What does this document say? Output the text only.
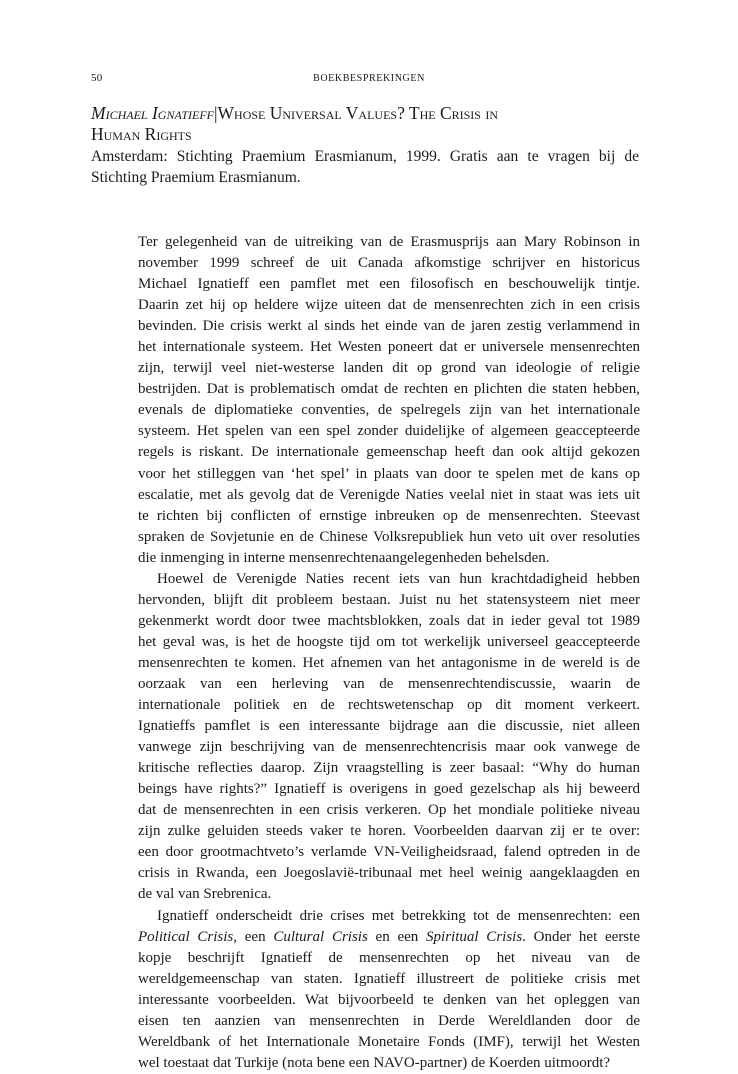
50	BOEKBESPREKINGEN
Michael Ignatieff|Whose Universal Values? The Crisis in
Human Rights
Amsterdam: Stichting Praemium Erasmianum, 1999. Gratis aan te vragen bij de Stichting Praemium Erasmianum.
Ter gelegenheid van de uitreiking van de Erasmusprijs aan Mary Robinson in
november 1999 schreef de uit Canada afkomstige schrijver en historicus
Michael Ignatieff een pamflet met een filosofisch en beschouwelijk tintje.
Daarin zet hij op heldere wijze uiteen dat de mensenrechten zich in een crisis
bevinden. Die crisis werkt al sinds het einde van de jaren zestig verlammend in
het internationale systeem. Het Westen poneert dat er universele mensenrechten
zijn, terwijl veel niet-westerse landen dit op grond van ideologie of religie
bestrijden. Dat is problematisch omdat de rechten en plichten die staten hebben,
evenals de diplomatieke conventies, de spelregels zijn van het internationale
systeem. Het spelen van een spel zonder duidelijke of algemeen geaccepteerde
regels is riskant. De internationale gemeenschap heeft dan ook altijd gekozen
voor het stilleggen van ‘het spel’ in plaats van door te spelen met de kans op
escalatie, met als gevolg dat de Verenigde Naties veelal niet in staat was iets uit
te richten bij conflicten of ernstige inbreuken op de mensenrechten. Steevast
spraken de Sovjetunie en de Chinese Volksrepubliek hun veto uit over resoluties
die inmenging in interne mensenrechtenaangelegenheden behelsden.
Hoewel de Verenigde Naties recent iets van hun krachtdadigheid hebben
hervonden, blijft dit probleem bestaan. Juist nu het statensysteem niet meer
gekenmerkt wordt door twee machtsblokken, zoals dat in ieder geval tot 1989
het geval was, is het de hoogste tijd om tot werkelijk universeel geaccepteerde
mensenrechten te komen. Het afnemen van het antagonisme in de wereld is de
oorzaak van een herleving van de mensenrechtendiscussie, waarin de
internationale politiek en de rechtswetenschap op dit moment verkeert.
Ignatieffs pamflet is een interessante bijdrage aan die discussie, niet alleen
vanwege zijn beschrijving van de mensenrechtencrisis maar ook vanwege de
kritische reflecties daarop. Zijn vraagstelling is zeer basaal: “Why do human
beings have rights?” Ignatieff is overigens in goed gezelschap als hij beweerd
dat de mensenrechten in een crisis verkeren. Op het mondiale politieke niveau
zijn zulke geluiden steeds vaker te horen. Voorbeelden daarvan zij er te over:
een door grootmachtveto’s verlamde VN-Veiligheidsraad, falend optreden in de
crisis in Rwanda, een Joegoslavië-tribunaal met heel weinig aangeklaagden en
de val van Srebrenica.
Ignatieff onderscheidt drie crises met betrekking tot de mensenrechten: een
Political Crisis, een Cultural Crisis en een Spiritual Crisis. Onder het eerste
kopje beschrijft Ignatieff de mensenrechten op het niveau van de
wereldgemeenschap van staten. Ignatieff illustreert de politieke crisis met
interessante voorbeelden. Wat bijvoorbeeld te denken van het opleggen van
eisen ten aanzien van mensenrechten in Derde Wereldlanden door de
Wereldbank of het Internationale Monetaire Fonds (IMF), terwijl het Westen
wel toestaat dat Turkije (nota bene een NAVO-partner) de Koerden uitmoordt?
